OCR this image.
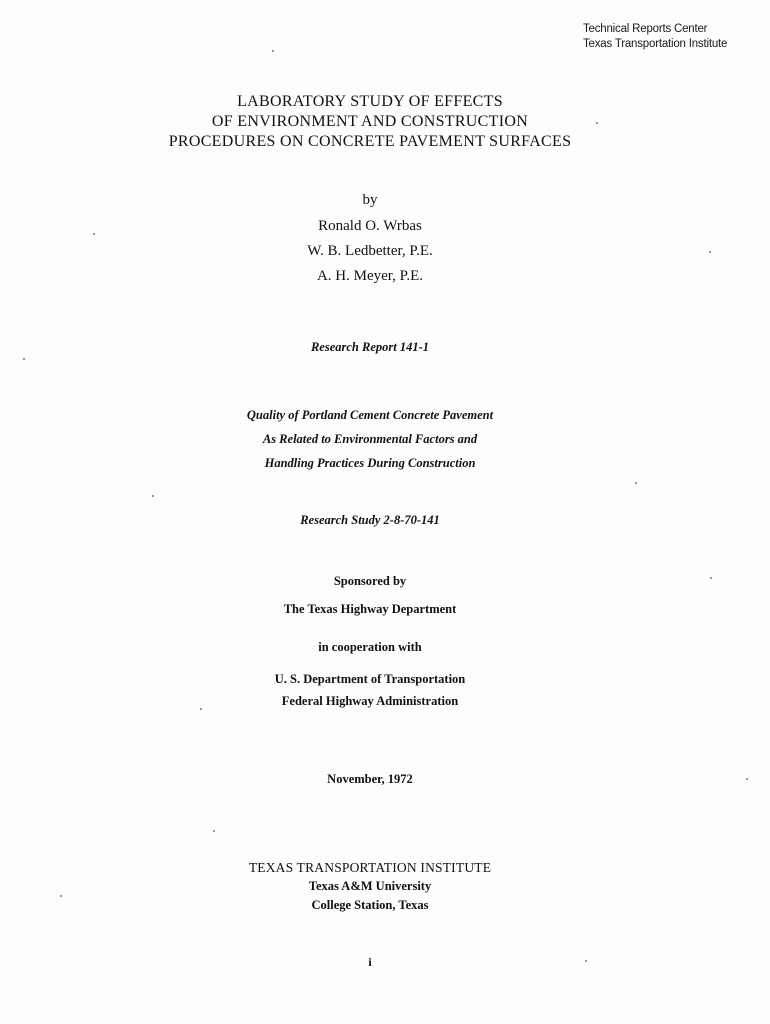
Technical Reports Center
Texas Transportation Institute
LABORATORY STUDY OF EFFECTS
OF ENVIRONMENT AND CONSTRUCTION
PROCEDURES ON CONCRETE PAVEMENT SURFACES
by
Ronald O. Wrbas
W. B. Ledbetter, P.E.
A. H. Meyer, P.E.
Research Report 141-1
Quality of Portland Cement Concrete Pavement
As Related to Environmental Factors and
Handling Practices During Construction
Research Study 2-8-70-141
Sponsored by
The Texas Highway Department
in cooperation with
U. S. Department of Transportation
Federal Highway Administration
November, 1972
TEXAS TRANSPORTATION INSTITUTE
Texas A&M University
College Station, Texas
i
